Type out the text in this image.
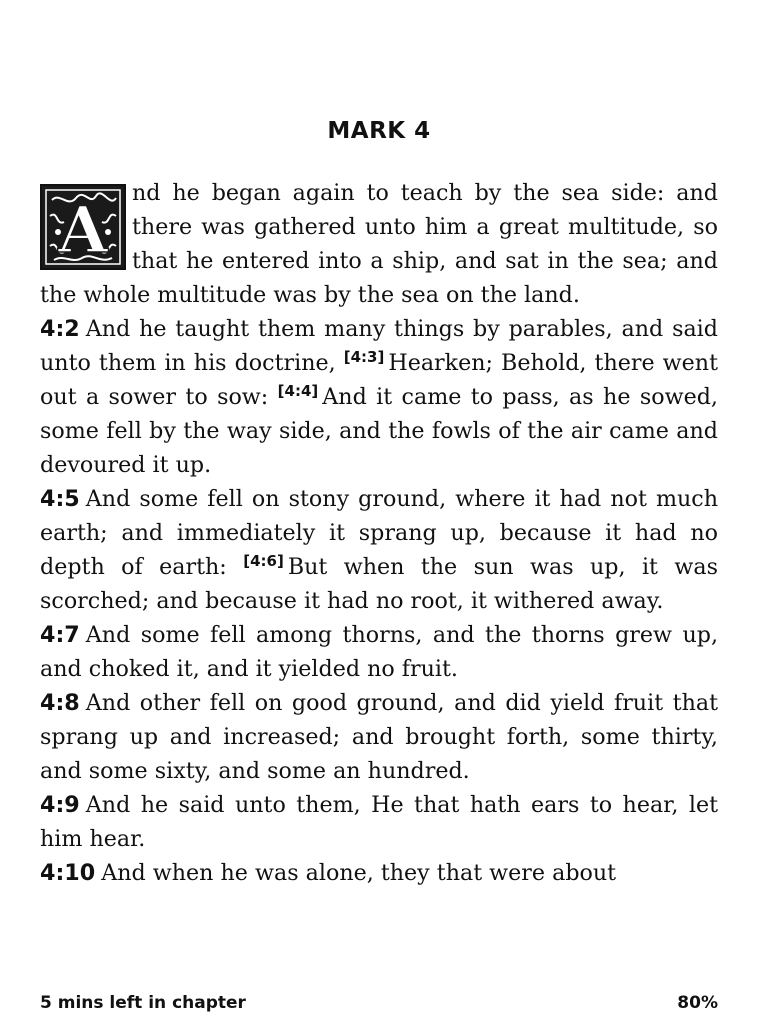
MARK 4

A nd he began again to teach by the sea side: and there was gathered unto him a great multitude, so that he entered into a ship, and sat in the sea; and the whole multitude was by the sea on the land.

4:2 And he taught them many things by parables, and said unto them in his doctrine, [4:3] Hearken; Behold, there went out a sower to sow: [4:4] And it came to pass, as he sowed, some fell by the way side, and the fowls of the air came and devoured it up.

4:5 And some fell on stony ground, where it had not much earth; and immediately it sprang up, because it had no depth of earth: [4:6] But when the sun was up, it was scorched; and because it had no root, it withered away.

4:7 And some fell among thorns, and the thorns grew up, and choked it, and it yielded no fruit.

4:8 And other fell on good ground, and did yield fruit that sprang up and increased; and brought forth, some thirty, and some sixty, and some an hundred.

4:9 And he said unto them, He that hath ears to hear, let him hear.

4:10 And when he was alone, they that were about

5 mins left in chapter	80%
